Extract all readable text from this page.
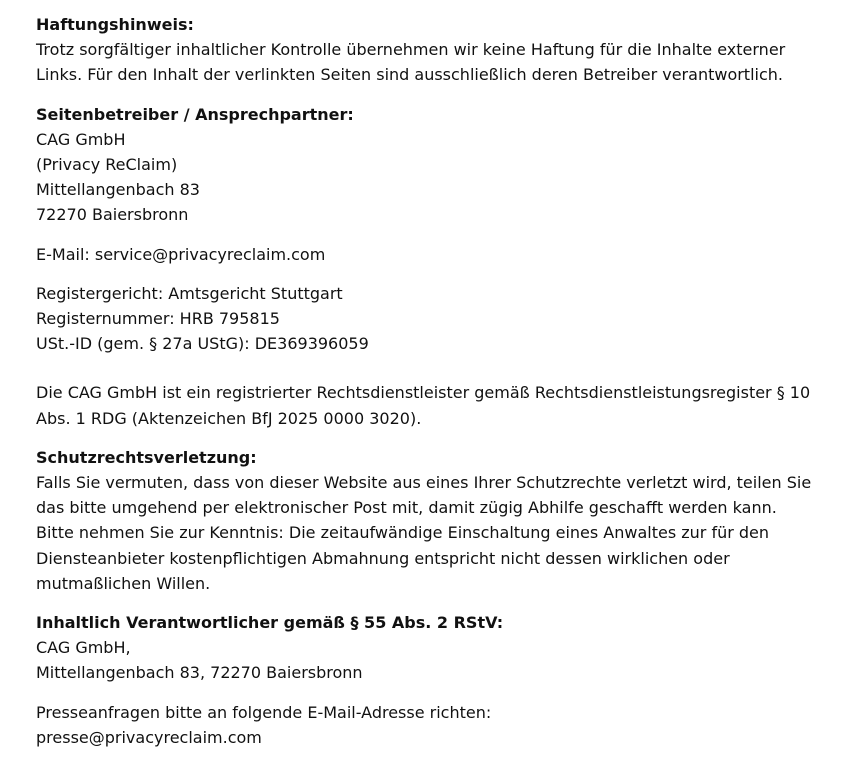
Haftungshinweis:

Trotz sorgfältiger inhaltlicher Kontrolle übernehmen wir keine Haftung für die Inhalte externer Links. Für den Inhalt der verlinkten Seiten sind ausschließlich deren Betreiber verantwortlich.

Seitenbetreiber / Ansprechpartner:

CAG GmbH

(Privacy ReClaim)

Mittellangenbach 83

72270 Baiersbronn

E-Mail: service@privacyreclaim.com

Registergericht: Amtsgericht Stuttgart

Registernummer: HRB 795815

USt.-ID (gem. § 27a UStG): DE369396059

Die CAG GmbH ist ein registrierter Rechtsdienstleister gemäß Rechtsdienstleistungsregister § 10 Abs. 1 RDG (Aktenzeichen BfJ 2025 0000 3020).

Schutzrechtsverletzung:

Falls Sie vermuten, dass von dieser Website aus eines Ihrer Schutzrechte verletzt wird, teilen Sie das bitte umgehend per elektronischer Post mit, damit zügig Abhilfe geschafft werden kann.

Bitte nehmen Sie zur Kenntnis: Die zeitaufwändige Einschaltung eines Anwaltes zur für den Diensteanbieter kostenpflichtigen Abmahnung entspricht nicht dessen wirklichen oder mutmaßlichen Willen.

Inhaltlich Verantwortlicher gemäß § 55 Abs. 2 RStV:

CAG GmbH,

Mittellangenbach 83, 72270 Baiersbronn

Presseanfragen bitte an folgende E-Mail-Adresse richten:

presse@privacyreclaim.com
